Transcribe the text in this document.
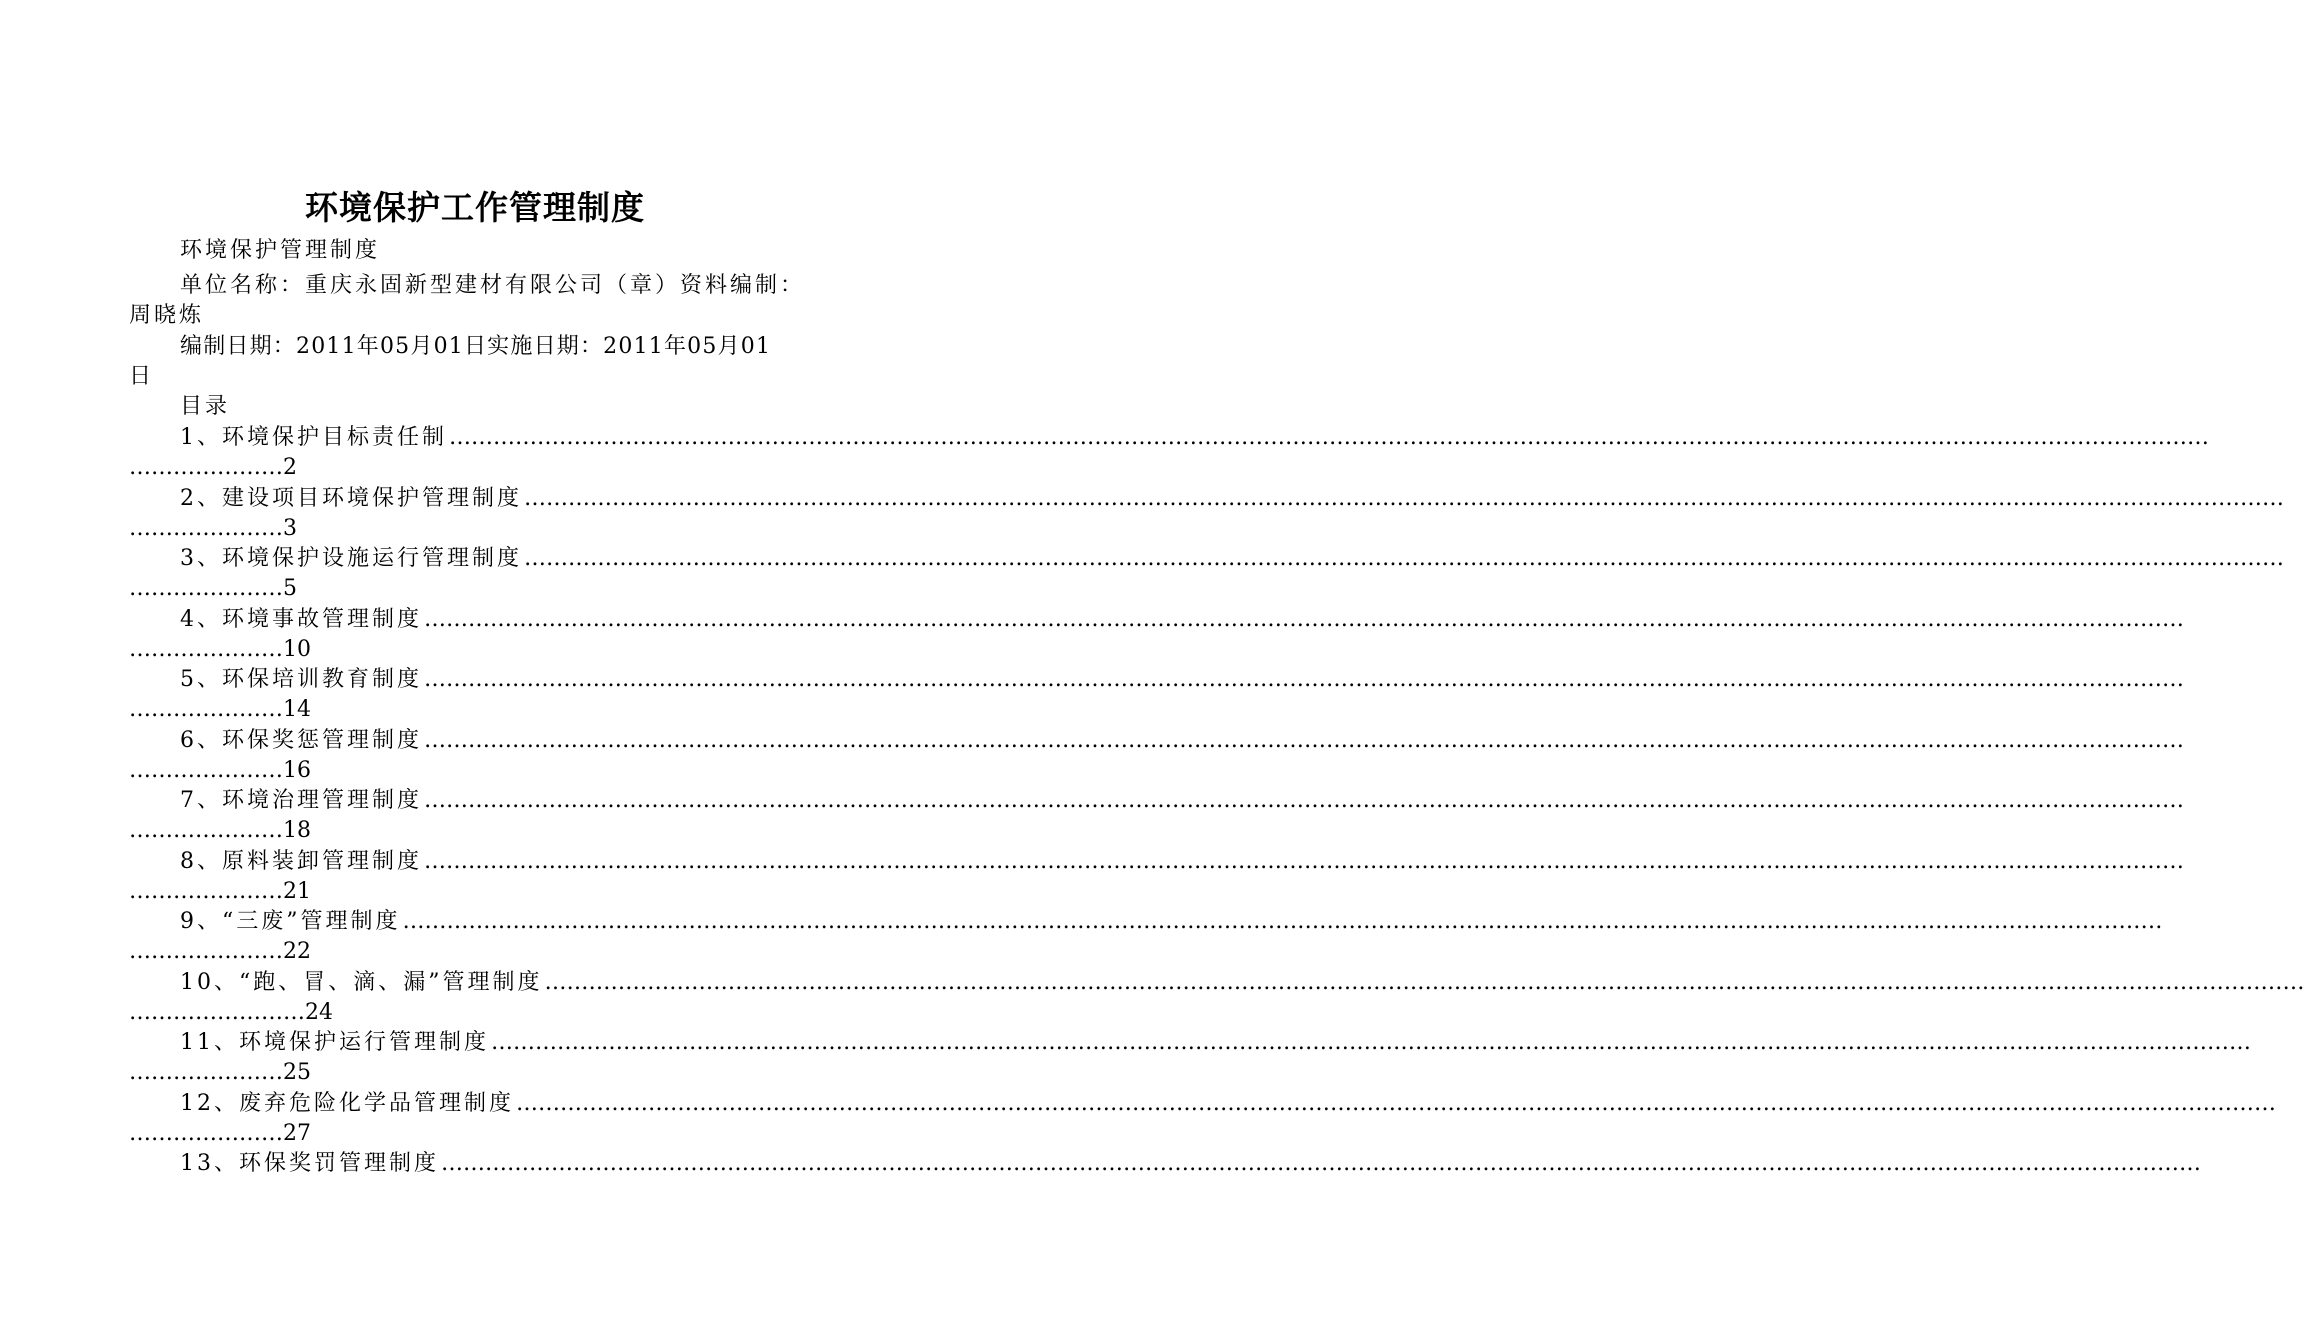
环境保护工作管理制度
环境保护管理制度
单位名称：重庆永固新型建材有限公司（章）资料编制：
周晓炼
编制日期：2011年05月01日实施日期：2011年05月01
日
目录
1、环境保护目标责任制 ……………………………………………………………………………………………………………………………………………………………………………………………………………………
…………………2
2、建设项目环境保护管理制度 ……………………………………………………………………………………………………………………………………………………………………………………………………………………
…………………3
3、环境保护设施运行管理制度 ……………………………………………………………………………………………………………………………………………………………………………………………………………………
…………………5
4、环境事故管理制度 ……………………………………………………………………………………………………………………………………………………………………………………………………………………
…………………10
5、环保培训教育制度 ……………………………………………………………………………………………………………………………………………………………………………………………………………………
…………………14
6、环保奖惩管理制度 ……………………………………………………………………………………………………………………………………………………………………………………………………………………
…………………16
7、环境治理管理制度 ……………………………………………………………………………………………………………………………………………………………………………………………………………………
…………………18
8、原料装卸管理制度 ……………………………………………………………………………………………………………………………………………………………………………………………………………………
…………………21
9、“三废”管理制度 ……………………………………………………………………………………………………………………………………………………………………………………………………………………
…………………22
10、“跑、冒、滴、漏”管理制度 ……………………………………………………………………………………………………………………………………………………………………………………………………………………
……………………24
11、环境保护运行管理制度 ……………………………………………………………………………………………………………………………………………………………………………………………………………………
…………………25
12、废弃危险化学品管理制度 ……………………………………………………………………………………………………………………………………………………………………………………………………………………
…………………27
13、环保奖罚管理制度 ……………………………………………………………………………………………………………………………………………………………………………………………………………………
